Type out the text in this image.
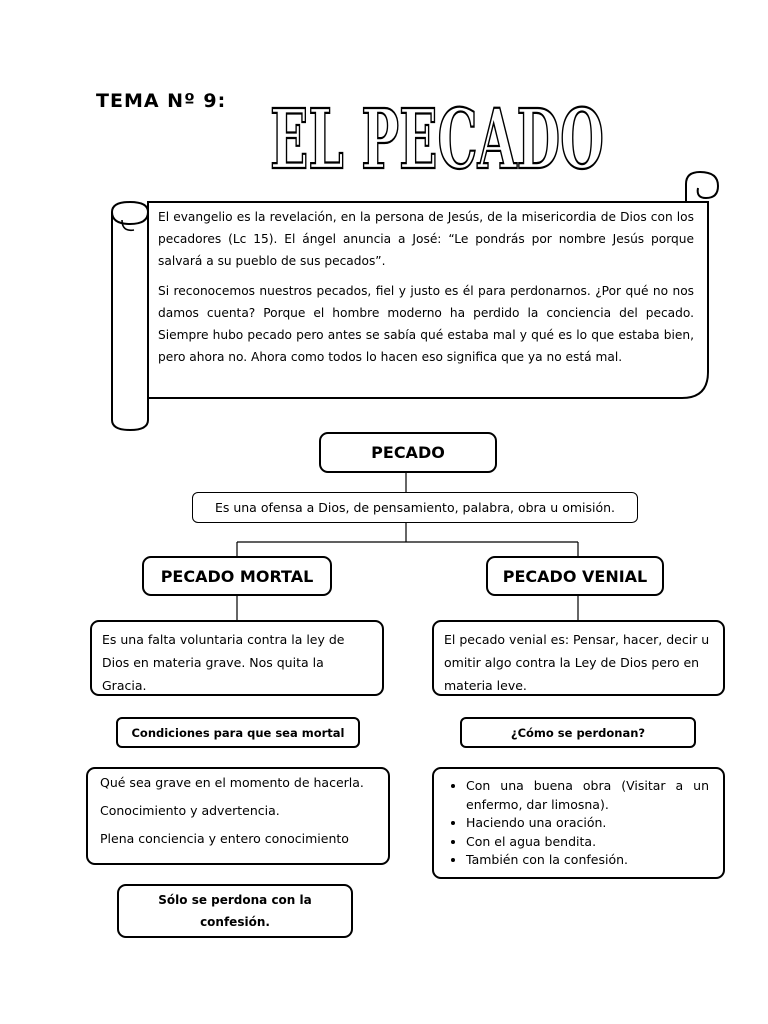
TEMA Nº 9: EL PECADO

El evangelio es la revelación, en la persona de Jesús, de la misericordia de Dios con los pecadores (Lc 15). El ángel anuncia a José: “Le pondrás por nombre Jesús porque salvará a su pueblo de sus pecados”.

Si reconocemos nuestros pecados, fiel y justo es él para perdonarnos. ¿Por qué no nos damos cuenta? Porque el hombre moderno ha perdido la conciencia del pecado. Siempre hubo pecado pero antes se sabía qué estaba mal y qué es lo que estaba bien, pero ahora no. Ahora como todos lo hacen eso significa que ya no está mal.

PECADO
Es una ofensa a Dios, de pensamiento, palabra, obra u omisión.
PECADO MORTAL
Es una falta voluntaria contra la ley de Dios en materia grave. Nos quita la Gracia.
Condiciones para que sea mortal
Qué sea grave en el momento de hacerla.
Conocimiento y advertencia.
Plena conciencia y entero conocimiento
Sólo se perdona con la confesión.
PECADO VENIAL
El pecado venial es: Pensar, hacer, decir u omitir algo contra la Ley de Dios pero en materia leve.
¿Cómo se perdonan?
• Con una buena obra (Visitar a un enfermo, dar limosna).
• Haciendo una oración.
• Con el agua bendita.
• También con la confesión.
